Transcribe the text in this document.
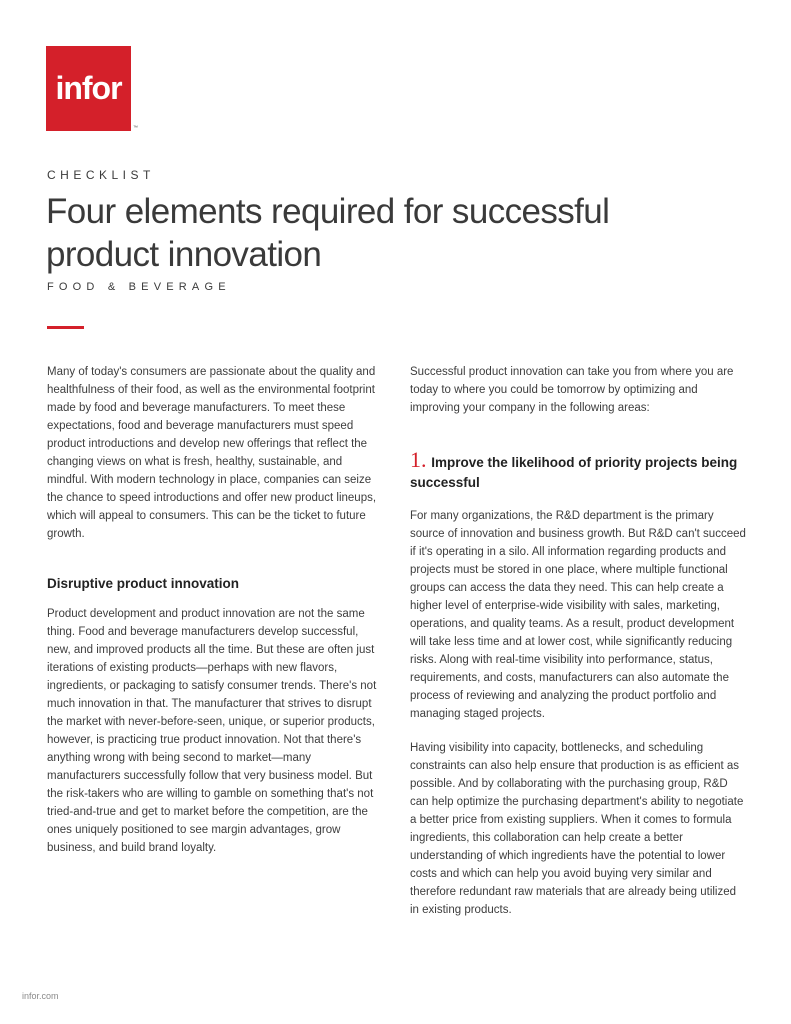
infor
™
CHECKLIST
Four elements required for successful product innovation
FOOD & BEVERAGE

Many of today's consumers are passionate about the quality and healthfulness of their food, as well as the environmental footprint made by food and beverage manufacturers. To meet these expectations, food and beverage manufacturers must speed product introductions and develop new offerings that reflect the changing views on what is fresh, healthy, sustainable, and mindful. With modern technology in place, companies can seize the chance to speed introductions and offer new product lineups, which will appeal to consumers. This can be the ticket to future growth.

Disruptive product innovation

Product development and product innovation are not the same thing. Food and beverage manufacturers develop successful, new, and improved products all the time. But these are often just iterations of existing products—perhaps with new flavors, ingredients, or packaging to satisfy consumer trends. There's not much innovation in that. The manufacturer that strives to disrupt the market with never-before-seen, unique, or superior products, however, is practicing true product innovation. Not that there's anything wrong with being second to market—many manufacturers successfully follow that very business model. But the risk-takers who are willing to gamble on something that's not tried-and-true and get to market before the competition, are the ones uniquely positioned to see margin advantages, grow business, and build brand loyalty.

Successful product innovation can take you from where you are today to where you could be tomorrow by optimizing and improving your company in the following areas:

1. Improve the likelihood of priority projects being successful

For many organizations, the R&D department is the primary source of innovation and business growth. But R&D can't succeed if it's operating in a silo. All information regarding products and projects must be stored in one place, where multiple functional groups can access the data they need. This can help create a higher level of enterprise-wide visibility with sales, marketing, operations, and quality teams. As a result, product development will take less time and at lower cost, while significantly reducing risks. Along with real-time visibility into performance, status, requirements, and costs, manufacturers can also automate the process of reviewing and analyzing the product portfolio and managing staged projects.

Having visibility into capacity, bottlenecks, and scheduling constraints can also help ensure that production is as efficient as possible. And by collaborating with the purchasing group, R&D can help optimize the purchasing department's ability to negotiate a better price from existing suppliers. When it comes to formula ingredients, this collaboration can help create a better understanding of which ingredients have the potential to lower costs and which can help you avoid buying very similar and therefore redundant raw materials that are already being utilized in existing products.

infor.com
